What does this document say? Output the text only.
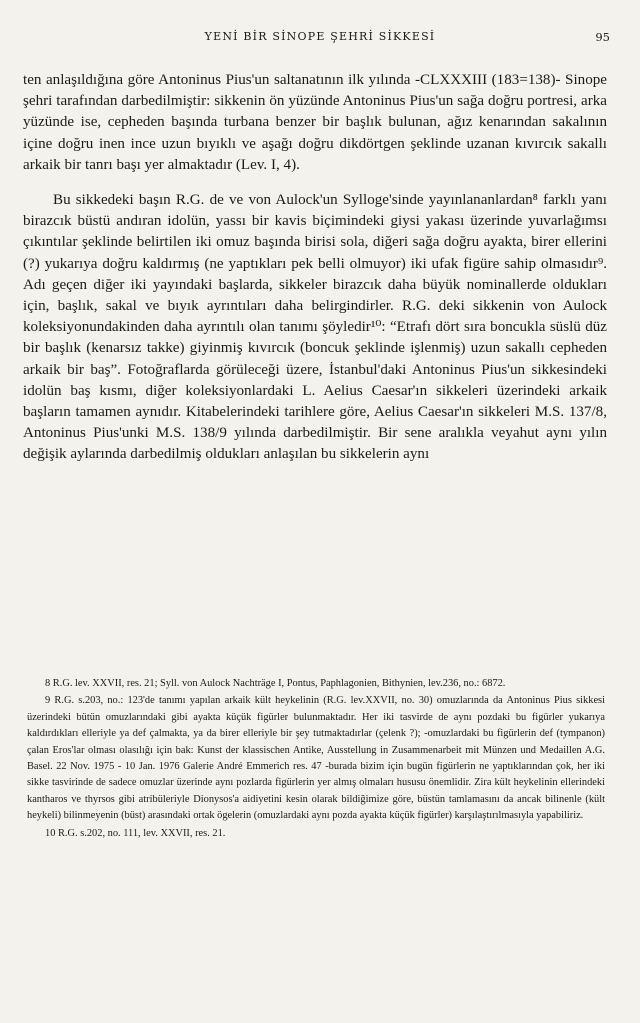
YENİ BİR SİNOPE ŞEHRİ SİKKESİ	95

ten anlaşıldığına göre Antoninus Pius'un saltanatının ilk yılında -CLXXXIII (183=138)- Sinope şehri tarafından darbedilmiştir: sikkenin ön yüzünde Antoninus Pius'un sağa doğru portresi, arka yüzünde ise, cepheden başında turbana benzer bir başlık bulunan, ağız kenarından sakalının içine doğru inen ince uzun bıyıklı ve aşağı doğru dikdörtgen şeklinde uzanan kıvırcık sakallı arkaik bir tanrı başı yer almaktadır (Lev. I, 4).

Bu sikkedeki başın R.G. de ve von Aulock'un Sylloge'sinde yayınlananlardan⁸ farklı yanı birazcık büstü andıran idolün, yassı bir kavis biçimindeki giysi yakası üzerinde yuvarlağımsı çıkıntılar şeklinde belirtilen iki omuz başında birisi sola, diğeri sağa doğru ayakta, birer ellerini (?) yukarıya doğru kaldırmış (ne yaptıkları pek belli olmuyor) iki ufak figüre sahip olmasıdır⁹. Adı geçen diğer iki yayındaki başlarda, sikkeler birazcık daha büyük nominallerde oldukları için, başlık, sakal ve bıyık ayrıntıları daha belirgindirler. R.G. deki sikkenin von Aulock koleksiyonundakinden daha ayrıntılı olan tanımı şöyledir¹⁰: “Etrafı dört sıra boncukla süslü düz bir başlık (kenarsız takke) giyinmiş kıvırcık (boncuk şeklinde işlenmiş) uzun sakallı cepheden arkaik bir baş”. Fotoğraflarda görüleceği üzere, İstanbul'daki Antoninus Pius'un sikkesindeki idolün baş kısmı, diğer koleksiyonlardaki L. Aelius Caesar'ın sikkeleri üzerindeki arkaik başların tamamen aynıdır. Kitabelerindeki tarihlere göre, Aelius Caesar'ın sikkeleri M.S. 137/8, Antoninus Pius'unki M.S. 138/9 yılında darbedilmiştir. Bir sene aralıkla veyahut aynı yılın değişik aylarında darbedilmiş oldukları anlaşılan bu sikkelerin aynı

8 R.G. lev. XXVII, res. 21; Syll. von Aulock Nachträge I, Pontus, Paphlagonien, Bithynien, lev.236, no.: 6872.

9 R.G. s.203, no.: 123'de tanımı yapılan arkaik kült heykelinin (R.G. lev.XXVII, no. 30) omuzlarında da Antoninus Pius sikkesi üzerindeki bütün omuzlarındaki gibi ayakta küçük figürler bulunmaktadır. Her iki tasvirde de aynı pozdaki bu figürler yukarıya kaldırdıkları elleriyle ya def çalmakta, ya da birer elleriyle bir şey tutmaktadırlar (çelenk ?); -omuzlardaki bu figürlerin def (tympanon) çalan Eros'lar olması olasılığı için bak: Kunst der klassischen Antike, Ausstellung in Zusammenarbeit mit Münzen und Medaillen A.G. Basel. 22 Nov. 1975 - 10 Jan. 1976 Galerie André Emmerich res. 47 -burada bizim için bugün figürlerin ne yaptıklarından çok, her iki sikke tasvirinde de sadece omuzlar üzerinde aynı pozlarda figürlerin yer almış olmaları hususu önemlidir. Zira kült heykelinin ellerindeki kantharos ve thyrsos gibi atribüleriyle Dionysos'a aidiyetini kesin olarak bildiğimize göre, büstün tamlamasını da ancak bilinenle (kült heykeli) bilinmeyenin (büst) arasındaki ortak ögelerin (omuzlardaki aynı pozda ayakta küçük figürler) karşılaştırılmasıyla yapabiliriz.

10 R.G. s.202, no. 111, lev. XXVII, res. 21.
